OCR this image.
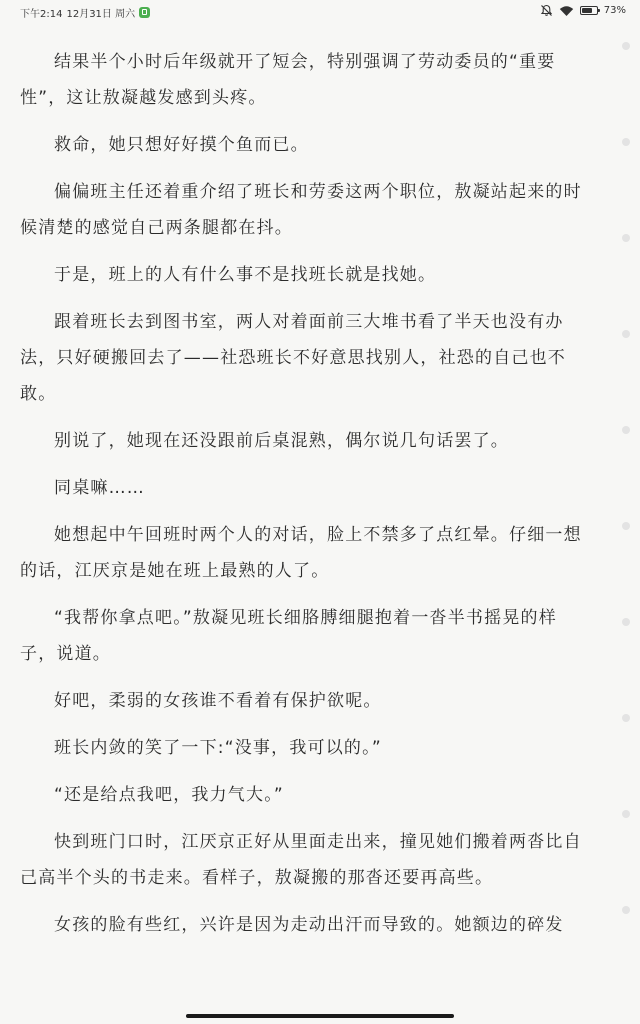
下午2:14 12月31日 周六	73%

结果半个小时后年级就开了短会，特别强调了劳动委员的“重要性”，这让敖凝越发感到头疼。

救命，她只想好好摸个鱼而已。

偏偏班主任还着重介绍了班长和劳委这两个职位，敖凝站起来的时候清楚的感觉自己两条腿都在抖。

于是，班上的人有什么事不是找班长就是找她。

跟着班长去到图书室，两人对着面前三大堆书看了半天也没有办法，只好硬搬回去了——社恐班长不好意思找别人，社恐的自己也不敢。

别说了，她现在还没跟前后桌混熟，偶尔说几句话罢了。

同桌嘛……

她想起中午回班时两个人的对话，脸上不禁多了点红晕。仔细一想的话，江厌京是她在班上最熟的人了。

“我帮你拿点吧。”敖凝见班长细胳膊细腿抱着一沓半书摇晃的样子，说道。

好吧，柔弱的女孩谁不看着有保护欲呢。

班长内敛的笑了一下:“没事，我可以的。”

“还是给点我吧，我力气大。”

快到班门口时，江厌京正好从里面走出来，撞见她们搬着两沓比自己高半个头的书走来。看样子，敖凝搬的那沓还要再高些。

女孩的脸有些红，兴许是因为走动出汗而导致的。她额边的碎发
